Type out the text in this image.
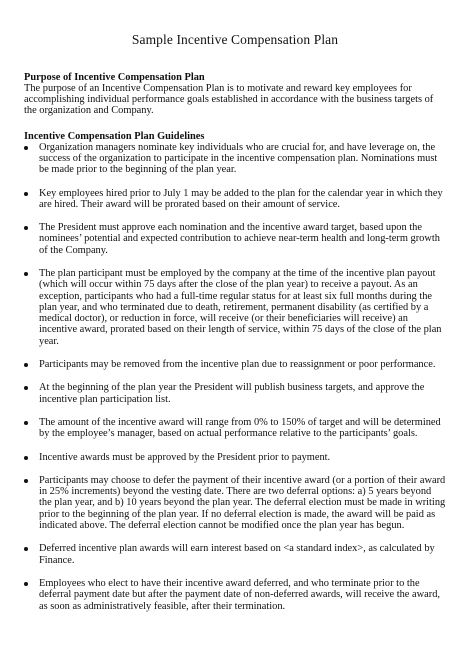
Sample Incentive Compensation Plan
Purpose of Incentive Compensation Plan

The purpose of an Incentive Compensation Plan is to motivate and reward key employees for accomplishing individual performance goals established in accordance with the business targets of the organization and Company.

Incentive Compensation Plan Guidelines
Organization managers nominate key individuals who are crucial for, and have leverage on, the success of the organization to participate in the incentive compensation plan. Nominations must be made prior to the beginning of the plan year.
Key employees hired prior to July 1 may be added to the plan for the calendar year in which they are hired. Their award will be prorated based on their amount of service.
The President must approve each nomination and the incentive award target, based upon the nominees’ potential and expected contribution to achieve near-term health and long-term growth of the Company.
The plan participant must be employed by the company at the time of the incentive plan payout (which will occur within 75 days after the close of the plan year) to receive a payout. As an exception, participants who had a full-time regular status for at least six full months during the plan year, and who terminated due to death, retirement, permanent disability (as certified by a medical doctor), or reduction in force, will receive (or their beneficiaries will receive) an incentive award, prorated based on their length of service, within 75 days of the close of the plan year.
Participants may be removed from the incentive plan due to reassignment or poor performance.
At the beginning of the plan year the President will publish business targets, and approve the incentive plan participation list.
The amount of the incentive award will range from 0% to 150% of target and will be determined by the employee’s manager, based on actual performance relative to the participants’ goals.
Incentive awards must be approved by the President prior to payment.
Participants may choose to defer the payment of their incentive award (or a portion of their award in 25% increments) beyond the vesting date. There are two deferral options: a) 5 years beyond the plan year, and b) 10 years beyond the plan year. The deferral election must be made in writing prior to the beginning of the plan year. If no deferral election is made, the award will be paid as indicated above. The deferral election cannot be modified once the plan year has begun.
Deferred incentive plan awards will earn interest based on <a standard index>, as calculated by Finance.
Employees who elect to have their incentive award deferred, and who terminate prior to the deferral payment date but after the payment date of non-deferred awards, will receive the award, as soon as administratively feasible, after their termination.
